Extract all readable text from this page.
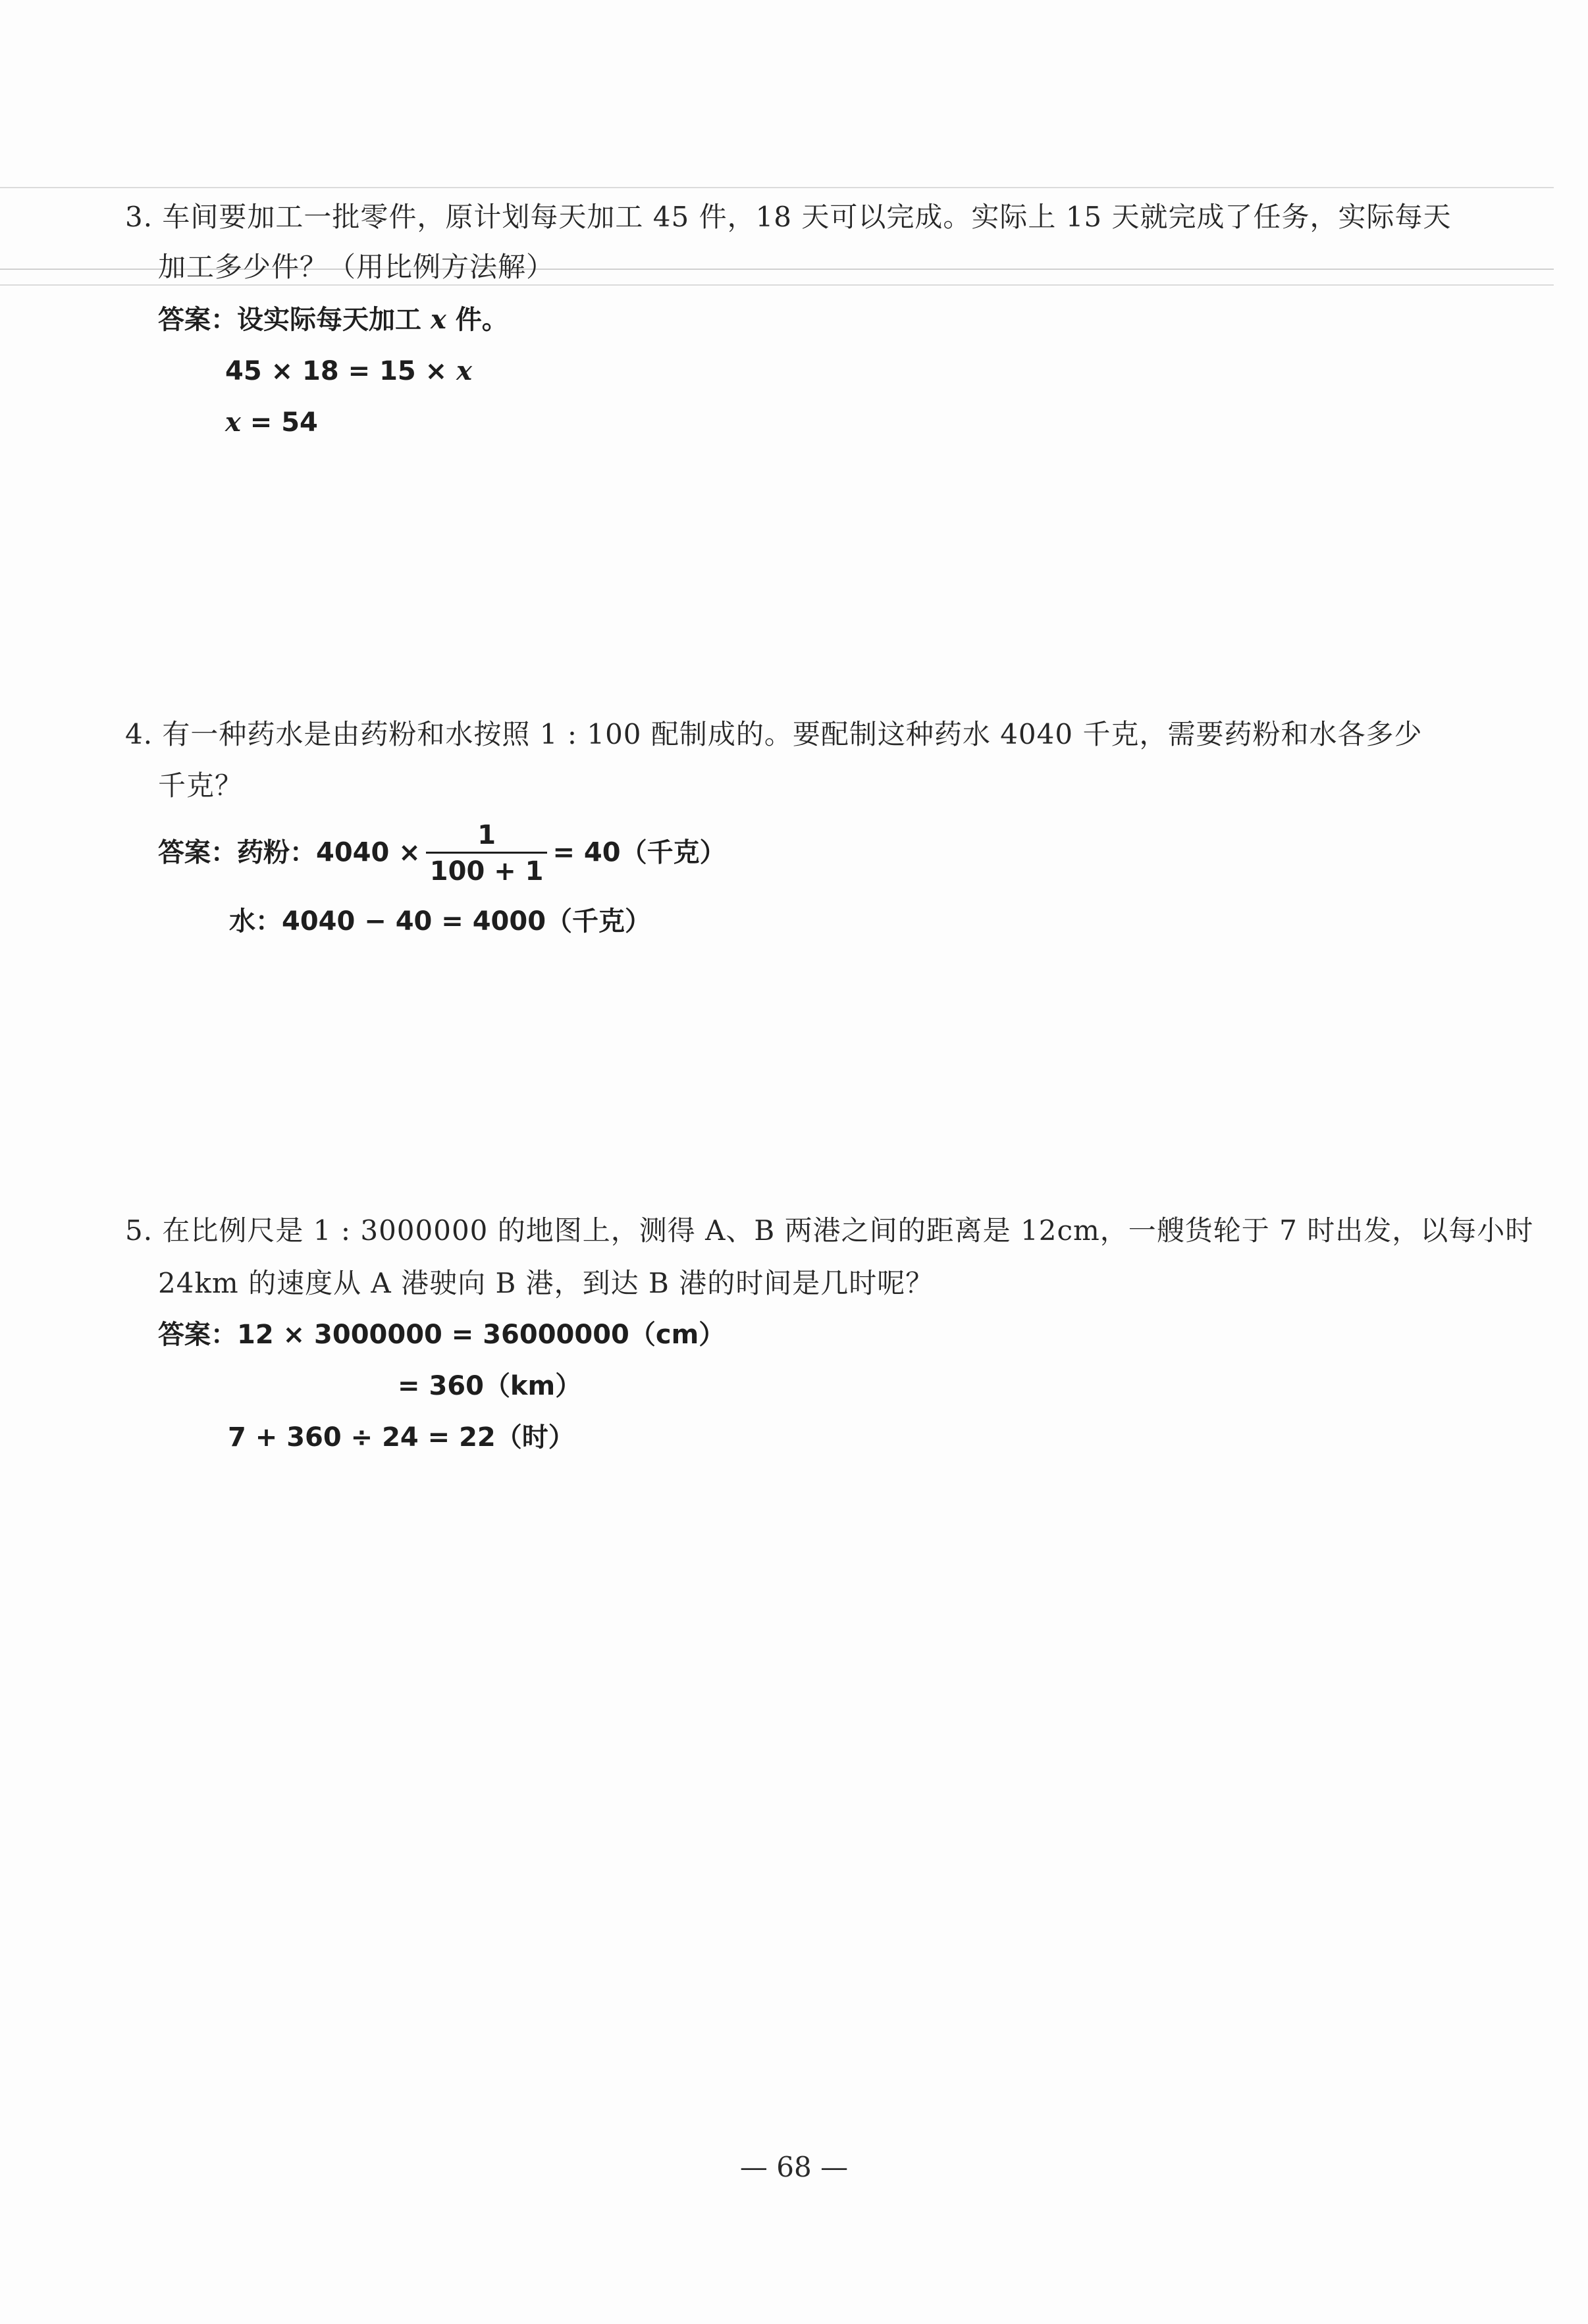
3. 车间要加工一批零件，原计划每天加工 45 件，18 天可以完成。实际上 15 天就完成了任务，实际每天
加工多少件？（用比例方法解）
答案：设实际每天加工 x 件。
45 × 18 = 15 × x
x = 54
4. 有一种药水是由药粉和水按照 1 : 100 配制成的。要配制这种药水 4040 千克，需要药粉和水各多少
千克？
答案：药粉：$4040 \times \frac{1}{100 + 1} = 40$（千克）
水：4040 − 40 = 4000（千克）
5. 在比例尺是 1 : 3000000 的地图上，测得 A、B 两港之间的距离是 12cm，一艘货轮于 7 时出发，以每小时
24km 的速度从 A 港驶向 B 港，到达 B 港的时间是几时呢？
答案：12 × 3000000 = 36000000（cm）
= 360（km）
7 + 360 ÷ 24 = 22（时）
— 68 —
